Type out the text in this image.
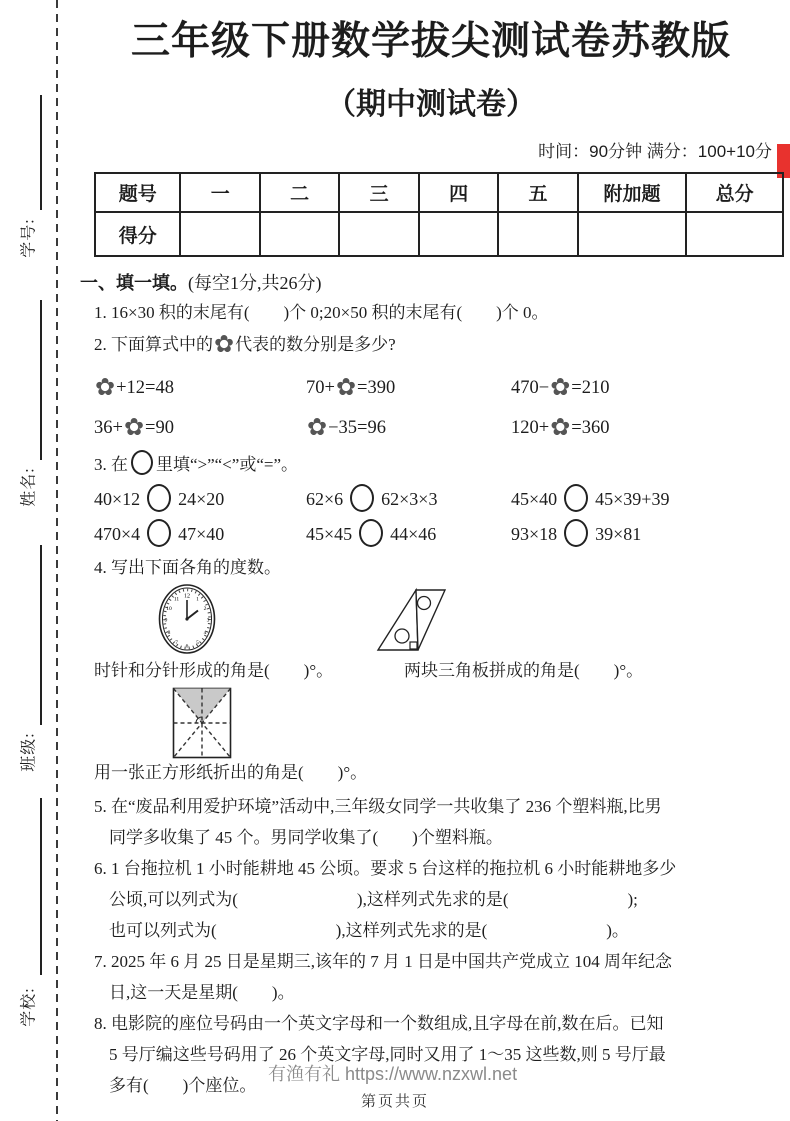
学号:
姓名:
班级:
学校:
三年级下册数学拔尖测试卷苏教版
（期中测试卷）
时间：90分钟 满分：100+10分
题号	一	二	三	四	五	附加题	总分
得分							
一、填一填。(每空1分,共26分)
1. 16×30 积的末尾有(　　)个 0;20×50 积的末尾有(　　)个 0。
2. 下面算式中的✿代表的数分别是多少?
✿+12=48	70+✿=390	470−✿=210
36+✿=90	✿−35=96	120+✿=360
3. 在 里填“>”“<”或“=”。
40×12 24×20	62×6 62×3×3	45×40 45×39+39
470×4 47×40	45×45 44×46	93×18 39×81
4. 写出下面各角的度数。
12 1
2
3
4
5
6
7
8
9
10
11
时针和分针形成的角是(　　)°。	两块三角板拼成的角是(　　)°。
用一张正方形纸折出的角是(　　)°。
5. 在“废品利用爱护环境”活动中,三年级女同学一共收集了 236 个塑料瓶,比男
同学多收集了 45 个。男同学收集了(　　)个塑料瓶。
6. 1 台拖拉机 1 小时能耕地 45 公顷。要求 5 台这样的拖拉机 6 小时能耕地多少
公顷,可以列式为(　　　　　　　),这样列式先求的是(　　　　　　　);
也可以列式为(　　　　　　　),这样列式先求的是(　　　　　　　)。
7. 2025 年 6 月 25 日是星期三,该年的 7 月 1 日是中国共产党成立 104 周年纪念
日,这一天是星期(　　)。
8. 电影院的座位号码由一个英文字母和一个数组成,且字母在前,数在后。已知
5 号厅编这些号码用了 26 个英文字母,同时又用了 1～35 这些数,则 5 号厅最
多有(　　)个座位。
有渔有礼 https://www.nzxwl.net
第页共页
